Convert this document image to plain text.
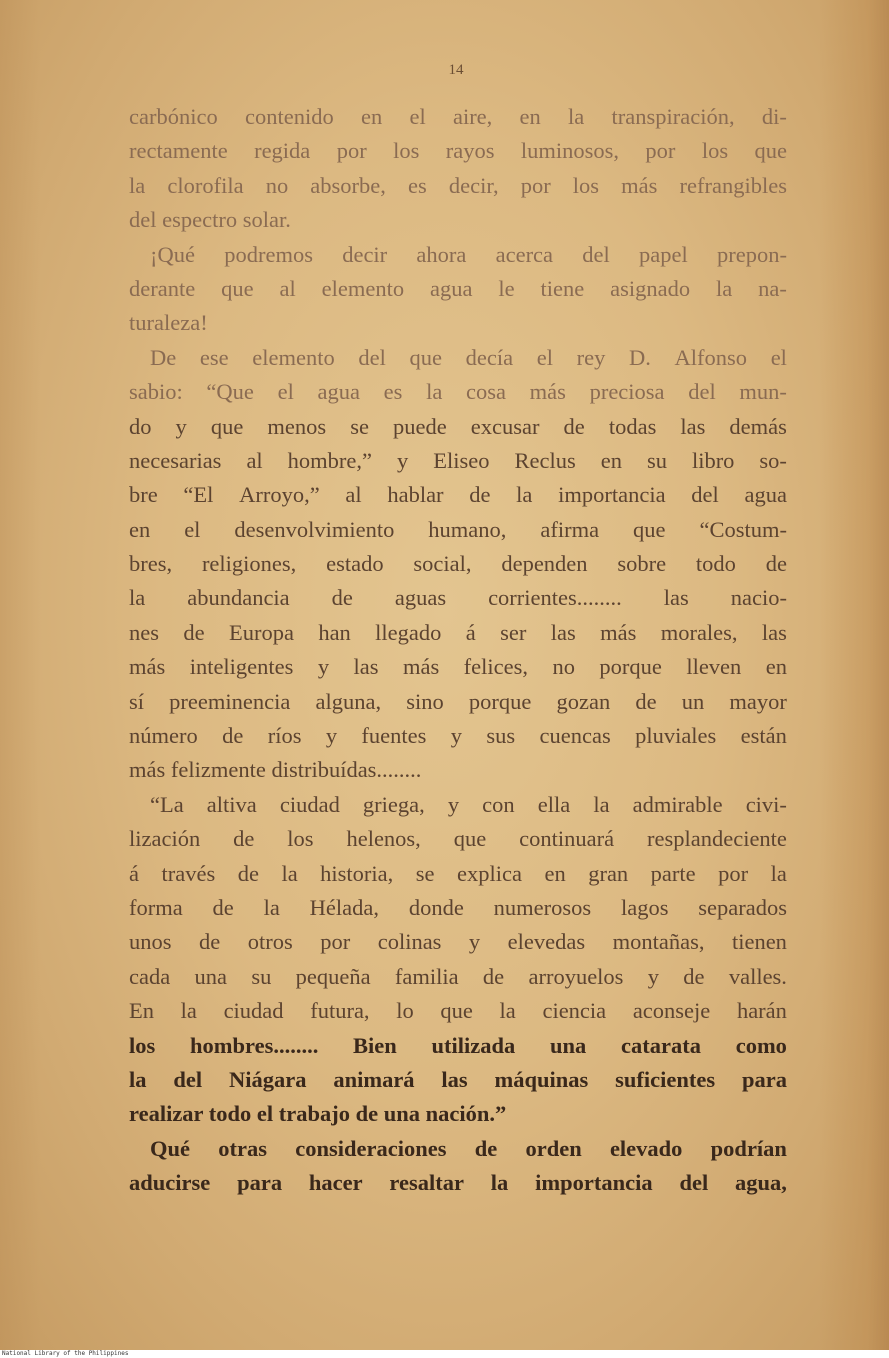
14
carbónico contenido en el aire, en la transpiración, di-
rectamente regida por los rayos luminosos, por los que
la clorofila no absorbe, es decir, por los más refrangibles
del espectro solar.
¡Qué podremos decir ahora acerca del papel prepon-
derante que al elemento agua le tiene asignado la na-
turaleza!
De ese elemento del que decía el rey D. Alfonso el
sabio: “Que el agua es la cosa más preciosa del mun-
do y que menos se puede excusar de todas las demás
necesarias al hombre,” y Eliseo Reclus en su libro so-
bre “El Arroyo,” al hablar de la importancia del agua
en el desenvolvimiento humano, afirma que “Costum-
bres, religiones, estado social, dependen sobre todo de
la abundancia de aguas corrientes........ las nacio-
nes de Europa han llegado á ser las más morales, las
más inteligentes y las más felices, no porque lleven en
sí preeminencia alguna, sino porque gozan de un mayor
número de ríos y fuentes y sus cuencas pluviales están
más felizmente distribuídas........
“La altiva ciudad griega, y con ella la admirable civi-
lización de los helenos, que continuará resplandeciente
á través de la historia, se explica en gran parte por la
forma de la Hélada, donde numerosos lagos separados
unos de otros por colinas y elevedas montañas, tienen
cada una su pequeña familia de arroyuelos y de valles.
En la ciudad futura, lo que la ciencia aconseje harán
los hombres........ Bien utilizada una catarata como
la del Niágara animará las máquinas suficientes para
realizar todo el trabajo de una nación.”
Qué otras consideraciones de orden elevado podrían
aducirse para hacer resaltar la importancia del agua,
National Library of the Philippines
